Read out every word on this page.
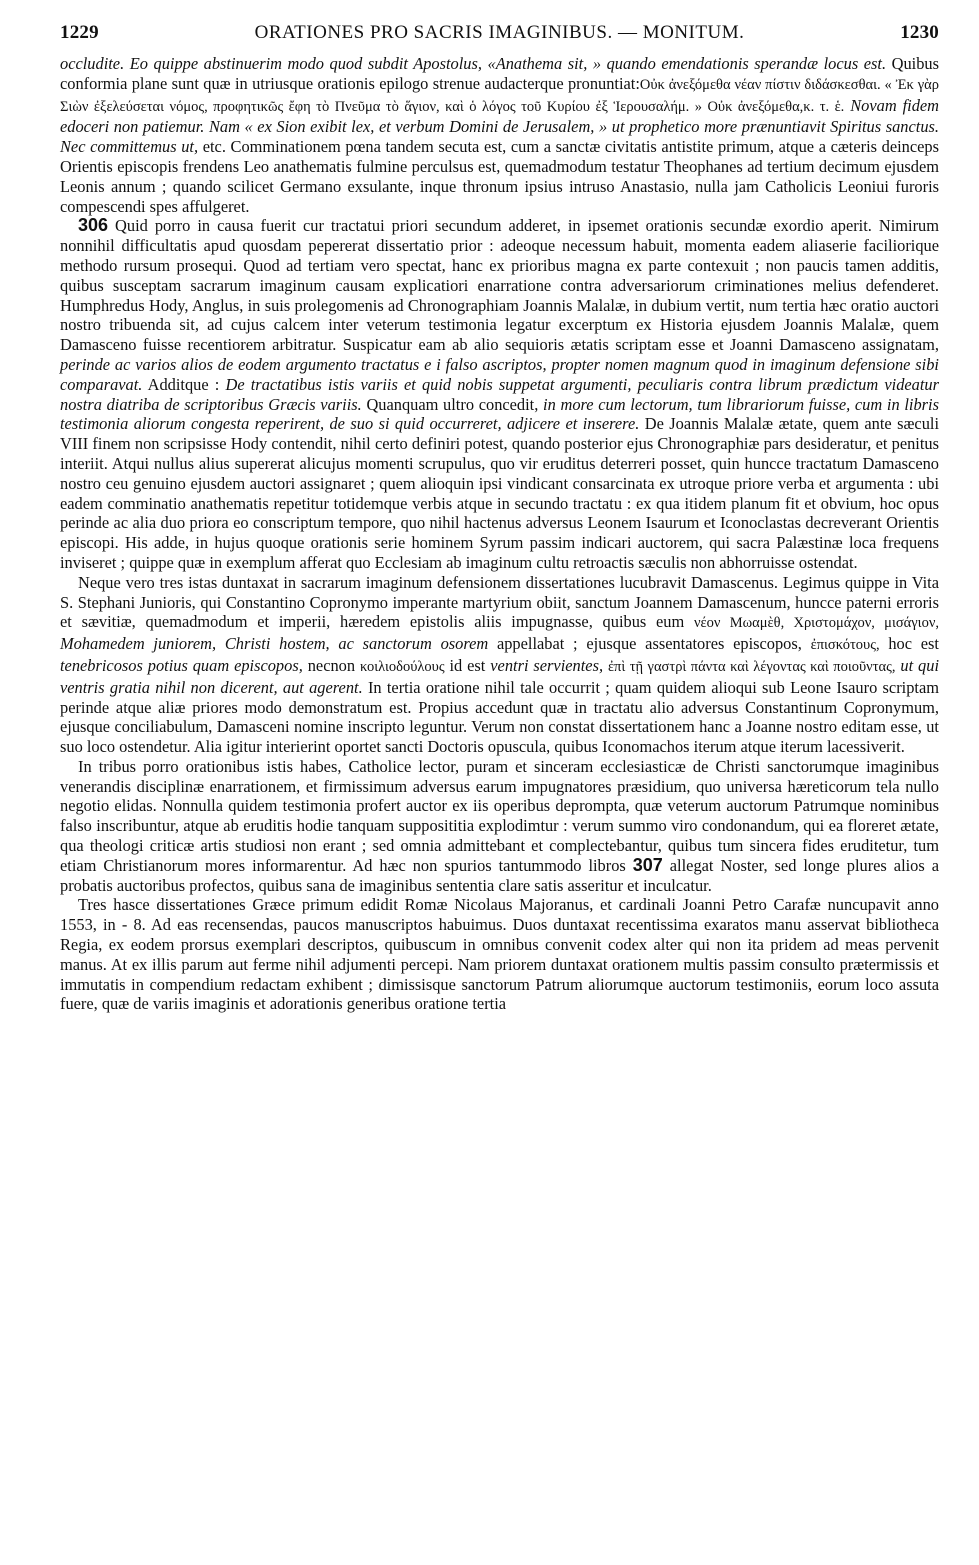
1229	ORATIONES PRO SACRIS IMAGINIBUS. — MONITUM.	1230

occludite. Eo quippe abstinuerim modo quod subdit Apostolus, «Anathema sit, » quando emendationis sperandæ locus est. Quibus conformia plane sunt quæ in utriusque orationis epilogo strenue audacterque pronuntiat:Οὐκ ἀνεξόμεθα νέαν πίστιν διδάσκεσθαι. « Ἐκ γὰρ Σιὼν ἐξελεύσεται νόμος, προφητικῶς ἔφη τὸ Πνεῦμα τὸ ἅγιον, καὶ ὁ λόγος τοῦ Κυρίου ἐξ Ἱερουσαλήμ. » Οὐκ ἀνεξόμεθα,κ. τ. ἑ. Novam fidem edoceri non patiemur. Nam « ex Sion exibit lex, et verbum Domini de Jerusalem, » ut prophetico more prænuntiavit Spiritus sanctus. Nec committemus ut, etc. Comminationem pœna tandem secuta est, cum a sanctæ civitatis antistite primum, atque a cæteris deinceps Orientis episcopis frendens Leo anathematis fulmine perculsus est, quemadmodum testatur Theophanes ad tertium decimum ejusdem Leonis annum ; quando scilicet Germano exsulante, inque thronum ipsius intruso Anastasio, nulla jam Catholicis Leoniui furoris compescendi spes affulgeret.

306 Quid porro in causa fuerit cur tractatui priori secundum adderet, in ipsemet orationis secundæ exordio aperit. Nimirum nonnihil difficultatis apud quosdam pepererat dissertatio prior : adeoque necessum habuit, momenta eadem aliaserie faciliorique methodo rursum prosequi. Quod ad tertiam vero spectat, hanc ex prioribus magna ex parte contexuit ; non paucis tamen additis, quibus susceptam sacrarum imaginum causam explicatiori enarratione contra adversariorum criminationes melius defenderet. Humphredus Hody, Anglus, in suis prolegomenis ad Chronographiam Joannis Malalæ, in dubium vertit, num tertia hæc oratio auctori nostro tribuenda sit, ad cujus calcem inter veterum testimonia legatur excerptum ex Historia ejusdem Joannis Malalæ, quem Damasceno fuisse recentiorem arbitratur. Suspicatur eam ab alio sequioris ætatis scriptam esse et Joanni Damasceno assignatam, perinde ac varios alios de eodem argumento tractatus e i falso ascriptos, propter nomen magnum quod in imaginum defensione sibi comparavat. Additque : De tractatibus istis variis et quid nobis suppetat argumenti, peculiaris contra librum prædictum videatur nostra diatriba de scriptoribus Græcis variis. Quanquam ultro concedit, in more cum lectorum, tum librariorum fuisse, cum in libris testimonia aliorum congesta reperirent, de suo si quid occurreret, adjicere et inserere. De Joannis Malalæ ætate, quem ante sæculi VIII finem non scripsisse Hody contendit, nihil certo definiri potest, quando posterior ejus Chronographiæ pars desideratur, et penitus interiit. Atqui nullus alius supererat alicujus momenti scrupulus, quo vir eruditus deterreri posset, quin huncce tractatum Damasceno nostro ceu genuino ejusdem auctori assignaret ; quem alioquin ipsi vindicant consarcinata ex utroque priore verba et argumenta : ubi eadem comminatio anathematis repetitur totidemque verbis atque in secundo tractatu : ex qua itidem planum fit et obvium, hoc opus perinde ac alia duo priora eo conscriptum tempore, quo nihil hactenus adversus Leonem Isaurum et Iconoclastas decreverant Orientis episcopi. His adde, in hujus quoque orationis serie hominem Syrum passim indicari auctorem, qui sacra Palæstinæ loca frequens inviseret ; quippe quæ in exemplum afferat quo Ecclesiam ab imaginum cultu retroactis sæculis non abhorruisse ostendat.

Neque vero tres istas duntaxat in sacrarum imaginum defensionem dissertationes lucubravit Damascenus. Legimus quippe in Vita S. Stephani Junioris, qui Constantino Copronymo imperante martyrium obiit, sanctum Joannem Damascenum, huncce paterni erroris et sævitiæ, quemadmodum et imperii, hæredem epistolis aliis impugnasse, quibus eum νέον Μωαμὲθ, Χριστομάχον, μισάγιον, Mohamedem juniorem, Christi hostem, ac sanctorum osorem appellabat ; ejusque assentatores episcopos, ἐπισκότους, hoc est tenebricosos potius quam episcopos, necnon κοιλιοδούλους id est ventri servientes, ἐπὶ τῇ γαστρὶ πάντα καὶ λέγοντας καὶ ποιοῦντας, ut qui ventris gratia nihil non dicerent, aut agerent. In tertia oratione nihil tale occurrit ; quam quidem alioqui sub Leone Isauro scriptam perinde atque aliæ priores modo demonstratum est. Propius accedunt quæ in tractatu alio adversus Constantinum Copronymum, ejusque conciliabulum, Damasceni nomine inscripto leguntur. Verum non constat dissertationem hanc a Joanne nostro editam esse, ut suo loco ostendetur. Alia igitur interierint oportet sancti Doctoris opuscula, quibus Iconomachos iterum atque iterum lacessiverit.

In tribus porro orationibus istis habes, Catholice lector, puram et sinceram ecclesiasticæ de Christi sanctorumque imaginibus venerandis disciplinæ enarrationem, et firmissimum adversus earum impugnatores præsidium, quo universa hæreticorum tela nullo negotio elidas. Nonnulla quidem testimonia profert auctor ex iis operibus deprompta, quæ veterum auctorum Patrumque nominibus falso inscribuntur, atque ab eruditis hodie tanquam supposititia explodimtur : verum summo viro condonandum, qui ea floreret ætate, qua theologi criticæ artis studiosi non erant ; sed omnia admittebant et complectebantur, quibus tum sincera fides eruditetur, tum etiam Christianorum mores informarentur. Ad hæc non spurios tantummodo libros 307 allegat Noster, sed longe plures alios a probatis auctoribus profectos, quibus sana de imaginibus sententia clare satis asseritur et inculcatur.

Tres hasce dissertationes Græce primum edidit Romæ Nicolaus Majoranus, et cardinali Joanni Petro Carafæ nuncupavit anno 1553, in - 8. Ad eas recensendas, paucos manuscriptos habuimus. Duos duntaxat recentissima exaratos manu asservat bibliotheca Regia, ex eodem prorsus exemplari descriptos, quibuscum in omnibus convenit codex alter qui non ita pridem ad meas pervenit manus. At ex illis parum aut ferme nihil adjumenti percepi. Nam priorem duntaxat orationem multis passim consulto prætermissis et immutatis in compendium redactam exhibent ; dimissisque sanctorum Patrum aliorumque auctorum testimoniis, eorum loco assuta fuere, quæ de variis imaginis et adorationis generibus oratione tertia
